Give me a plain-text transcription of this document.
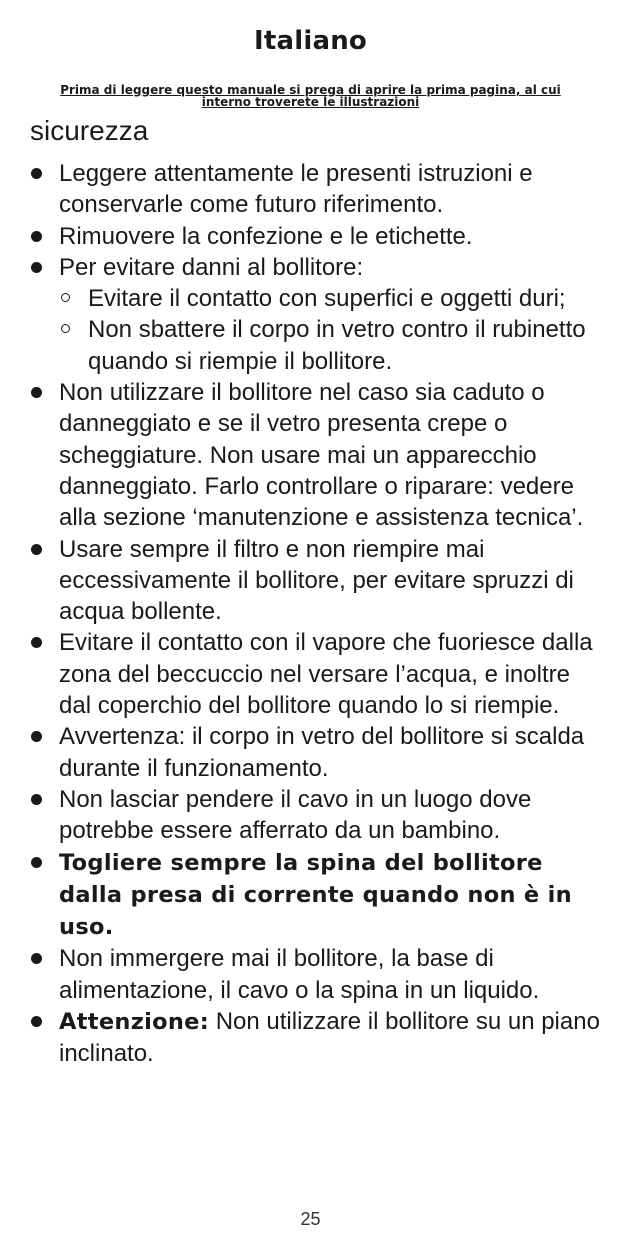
Italiano
Prima di leggere questo manuale si prega di aprire la prima pagina, al cui interno troverete le illustrazioni
sicurezza
Leggere attentamente le presenti istruzioni e conservarle come futuro riferimento.
Rimuovere la confezione e le etichette.
Per evitare danni al bollitore:
Evitare il contatto con superfici e oggetti duri;
Non sbattere il corpo in vetro contro il rubinetto quando si riempie il bollitore.
Non utilizzare il bollitore nel caso sia caduto o danneggiato e se il vetro presenta crepe o scheggiature. Non usare mai un apparecchio danneggiato. Farlo controllare o riparare: vedere alla sezione ‘manutenzione e assistenza tecnica’.
Usare sempre il filtro e non riempire mai eccessivamente il bollitore, per evitare spruzzi di acqua bollente.
Evitare il contatto con il vapore che fuoriesce dalla zona del beccuccio nel versare l’acqua, e inoltre dal coperchio del bollitore quando lo si riempie.
Avvertenza: il corpo in vetro del bollitore si scalda durante il funzionamento.
Non lasciar pendere il cavo in un luogo dove potrebbe essere afferrato da un bambino.
Togliere sempre la spina del bollitore dalla presa di corrente quando non è in uso.
Non immergere mai il bollitore, la base di alimentazione, il cavo o la spina in un liquido.
Attenzione: Non utilizzare il bollitore su un piano inclinato.
25
